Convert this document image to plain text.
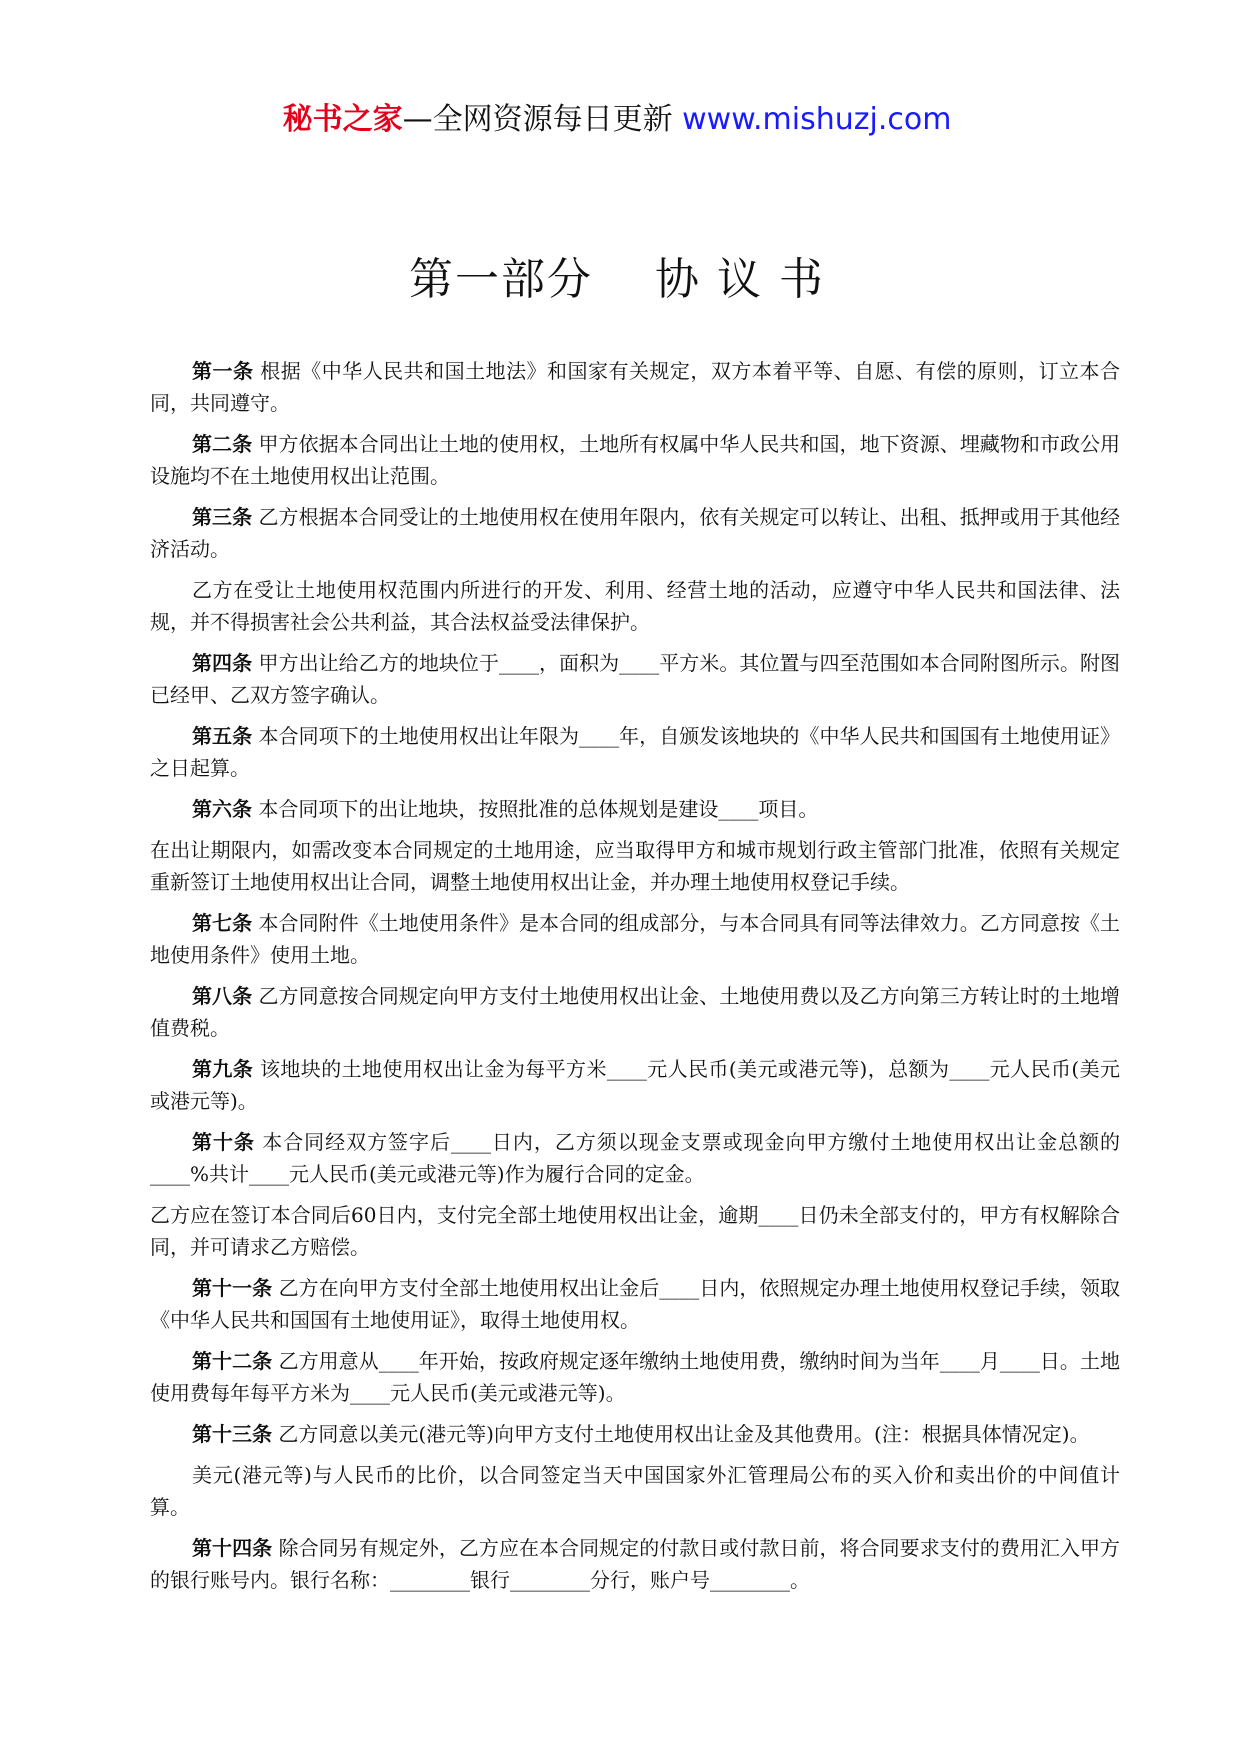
秘书之家—全网资源每日更新 www.mishuzj.com
第一部分　 协 议 书

第一条 根据《中华人民共和国土地法》和国家有关规定，双方本着平等、自愿、有偿的原则，订立本合同，共同遵守。

第二条 甲方依据本合同出让土地的使用权，土地所有权属中华人民共和国，地下资源、埋藏物和市政公用设施均不在土地使用权出让范围。

第三条 乙方根据本合同受让的土地使用权在使用年限内，依有关规定可以转让、出租、抵押或用于其他经济活动。

乙方在受让土地使用权范围内所进行的开发、利用、经营土地的活动，应遵守中华人民共和国法律、法规，并不得损害社会公共利益，其合法权益受法律保护。

第四条 甲方出让给乙方的地块位于____，面积为____平方米。其位置与四至范围如本合同附图所示。附图已经甲、乙双方签字确认。

第五条 本合同项下的土地使用权出让年限为____年，自颁发该地块的《中华人民共和国国有土地使用证》之日起算。

第六条 本合同项下的出让地块，按照批准的总体规划是建设____项目。

在出让期限内，如需改变本合同规定的土地用途，应当取得甲方和城市规划行政主管部门批准，依照有关规定重新签订土地使用权出让合同，调整土地使用权出让金，并办理土地使用权登记手续。

第七条 本合同附件《土地使用条件》是本合同的组成部分，与本合同具有同等法律效力。乙方同意按《土地使用条件》使用土地。

第八条 乙方同意按合同规定向甲方支付土地使用权出让金、土地使用费以及乙方向第三方转让时的土地增值费税。

第九条 该地块的土地使用权出让金为每平方米____元人民币(美元或港元等)，总额为____元人民币(美元或港元等)。

第十条 本合同经双方签字后____日内，乙方须以现金支票或现金向甲方缴付土地使用权出让金总额的____%共计____元人民币(美元或港元等)作为履行合同的定金。

乙方应在签订本合同后60日内，支付完全部土地使用权出让金，逾期____日仍未全部支付的，甲方有权解除合同，并可请求乙方赔偿。

第十一条 乙方在向甲方支付全部土地使用权出让金后____日内，依照规定办理土地使用权登记手续，领取《中华人民共和国国有土地使用证》，取得土地使用权。

第十二条 乙方用意从____年开始，按政府规定逐年缴纳土地使用费，缴纳时间为当年____月____日。土地使用费每年每平方米为____元人民币(美元或港元等)。

第十三条 乙方同意以美元(港元等)向甲方支付土地使用权出让金及其他费用。(注：根据具体情况定)。

美元(港元等)与人民币的比价，以合同签定当天中国国家外汇管理局公布的买入价和卖出价的中间值计算。

第十四条 除合同另有规定外，乙方应在本合同规定的付款日或付款日前，将合同要求支付的费用汇入甲方的银行账号内。银行名称：________银行________分行，账户号________。
